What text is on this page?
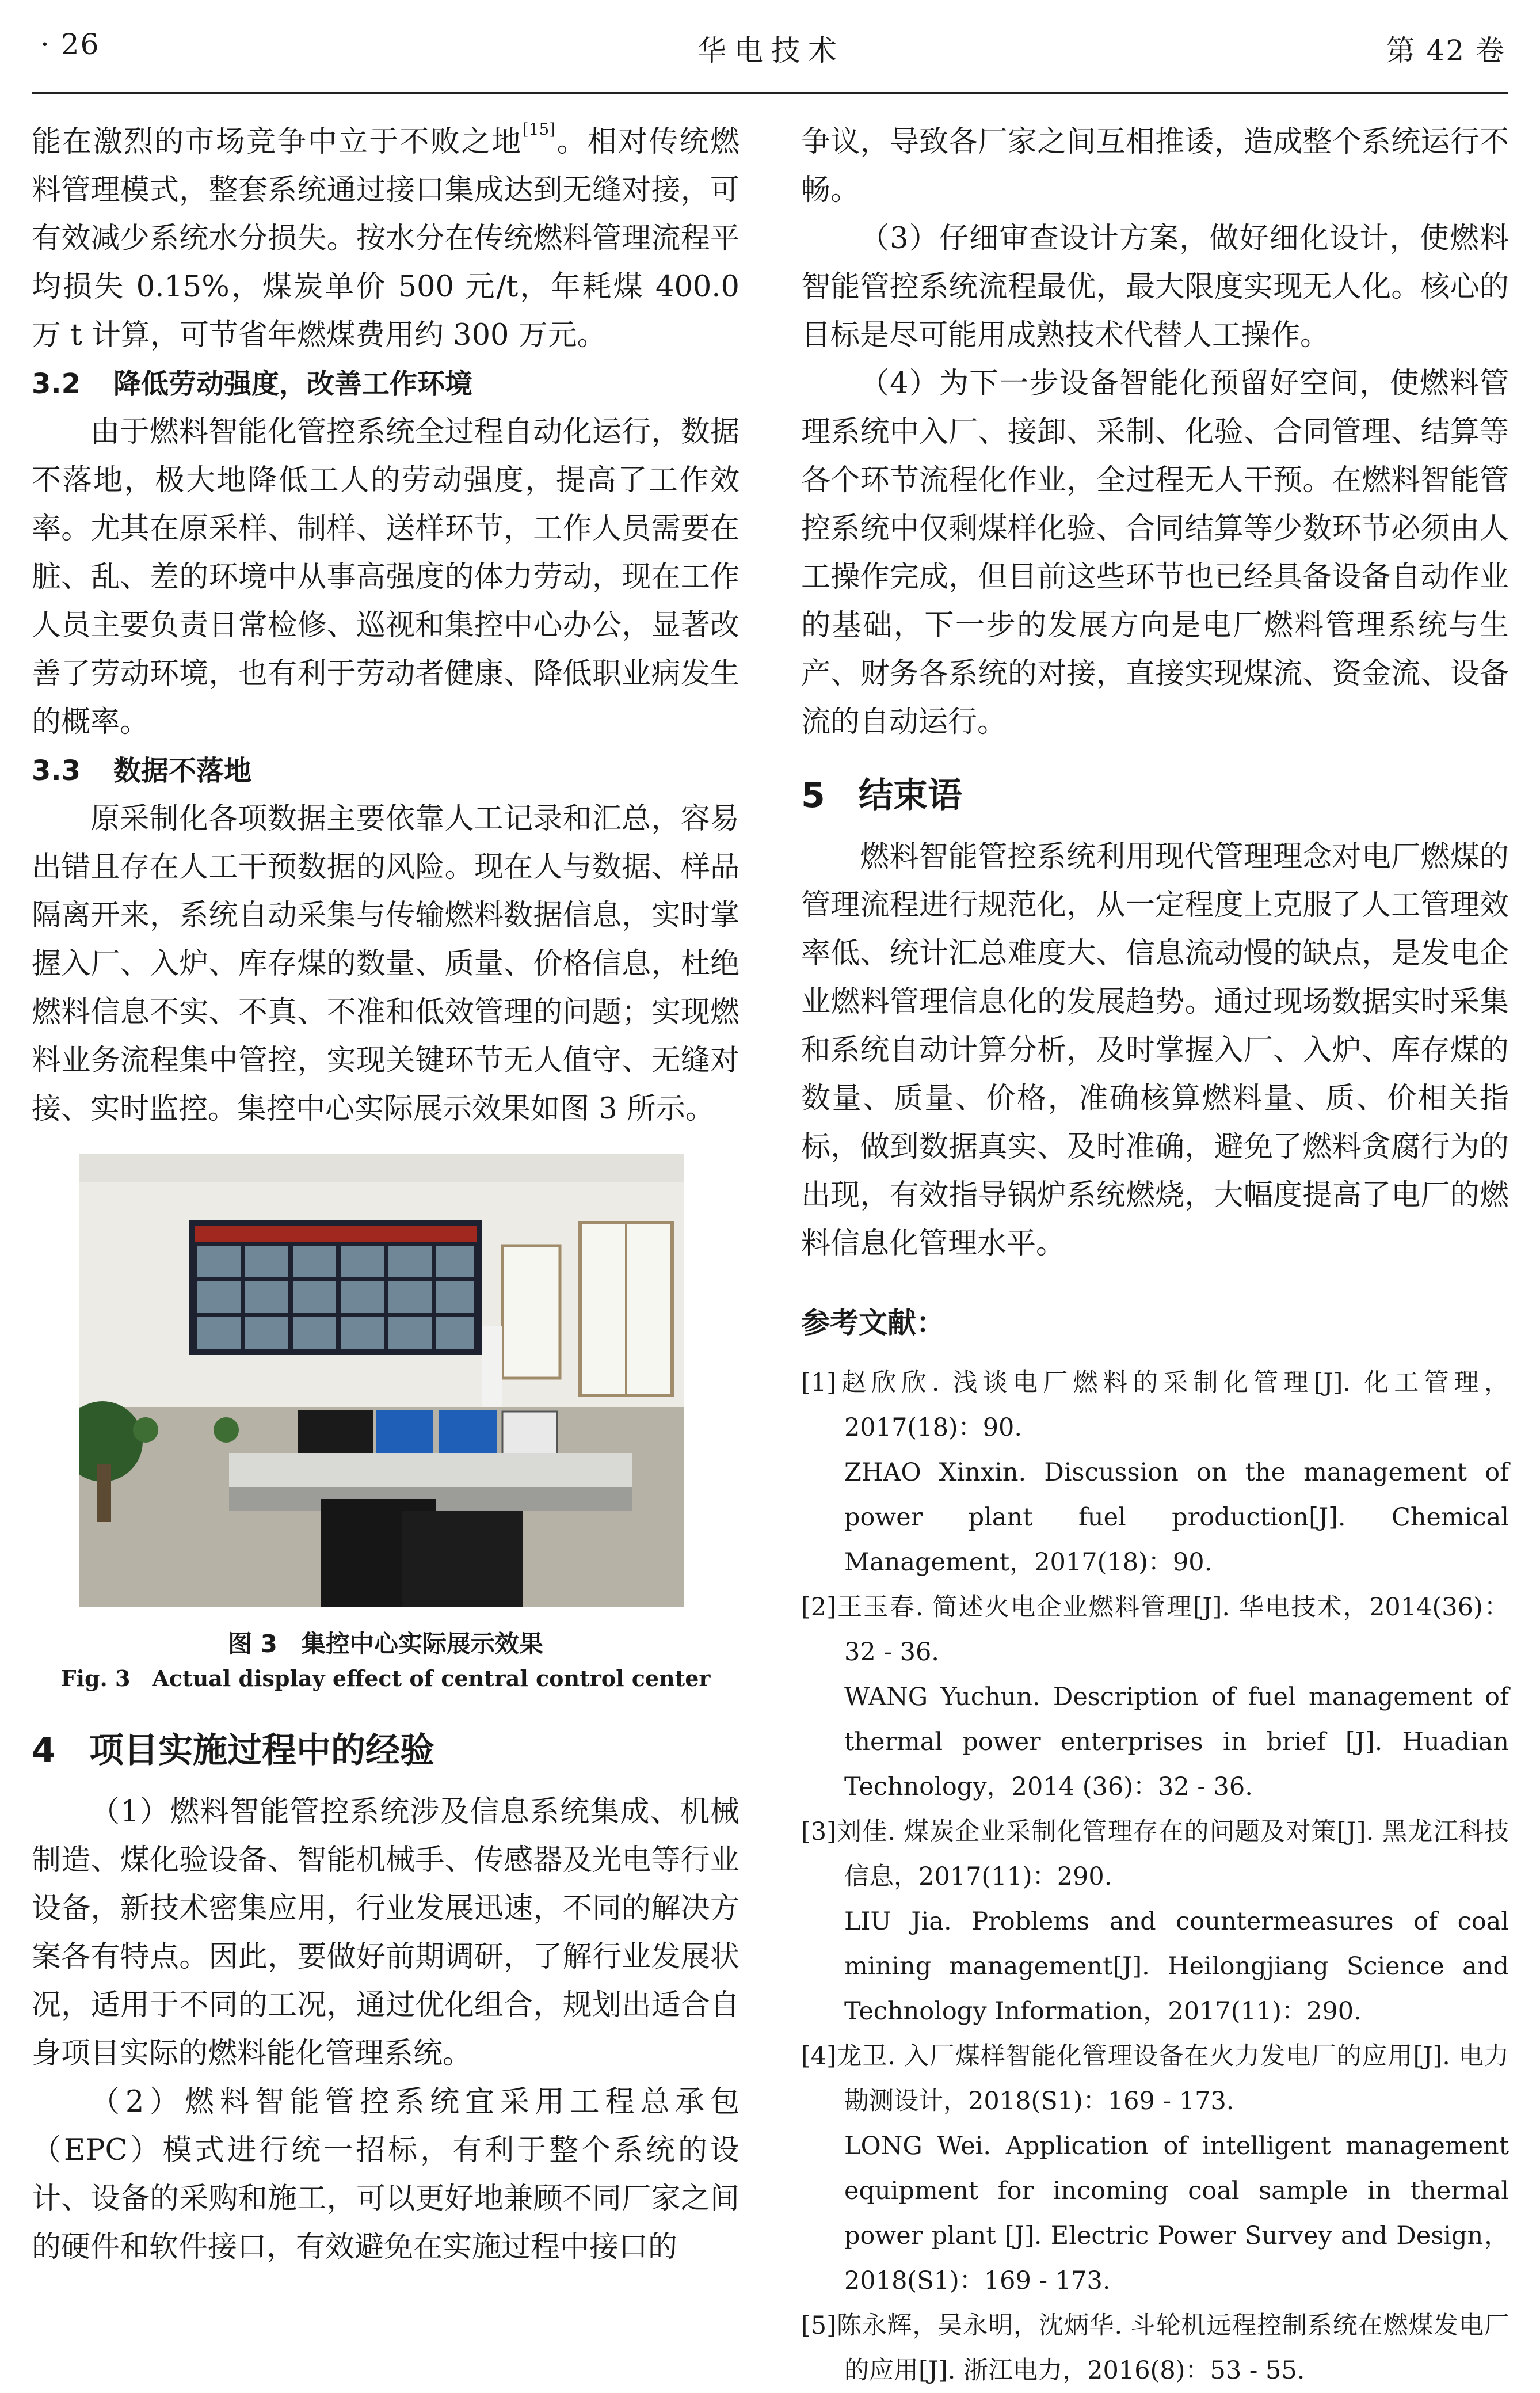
· 26	华电技术	第 42 卷

能在激烈的市场竞争中立于不败之地[15]。相对传统燃料管理模式，整套系统通过接口集成达到无缝对接，可有效减少系统水分损失。按水分在传统燃料管理流程平均损失 0.15%，煤炭单价 500 元/t，年耗煤 400.0 万 t 计算，可节省年燃煤费用约 300 万元。

3.2 降低劳动强度，改善工作环境

由于燃料智能化管控系统全过程自动化运行，数据不落地，极大地降低工人的劳动强度，提高了工作效率。尤其在原采样、制样、送样环节，工作人员需要在脏、乱、差的环境中从事高强度的体力劳动，现在工作人员主要负责日常检修、巡视和集控中心办公，显著改善了劳动环境，也有利于劳动者健康、降低职业病发生的概率。

3.3 数据不落地

原采制化各项数据主要依靠人工记录和汇总，容易出错且存在人工干预数据的风险。现在人与数据、样品隔离开来，系统自动采集与传输燃料数据信息，实时掌握入厂、入炉、库存煤的数量、质量、价格信息，杜绝燃料信息不实、不真、不准和低效管理的问题；实现燃料业务流程集中管控，实现关键环节无人值守、无缝对接、实时监控。集控中心实际展示效果如图 3 所示。

图 3　集控中心实际展示效果
Fig. 3　Actual display effect of central control center
4 项目实施过程中的经验

（1）燃料智能管控系统涉及信息系统集成、机械制造、煤化验设备、智能机械手、传感器及光电等行业设备，新技术密集应用，行业发展迅速，不同的解决方案各有特点。因此，要做好前期调研，了解行业发展状况，适用于不同的工况，通过优化组合，规划出适合自身项目实际的燃料能化管理系统。

（2）燃料智能管控系统宜采用工程总承包（EPC）模式进行统一招标，有利于整个系统的设计、设备的采购和施工，可以更好地兼顾不同厂家之间的硬件和软件接口，有效避免在实施过程中接口的

争议，导致各厂家之间互相推诿，造成整个系统运行不畅。

（3）仔细审查设计方案，做好细化设计，使燃料智能管控系统流程最优，最大限度实现无人化。核心的目标是尽可能用成熟技术代替人工操作。

（4）为下一步设备智能化预留好空间，使燃料管理系统中入厂、接卸、采制、化验、合同管理、结算等各个环节流程化作业，全过程无人干预。在燃料智能管控系统中仅剩煤样化验、合同结算等少数环节必须由人工操作完成，但目前这些环节也已经具备设备自动作业的基础，下一步的发展方向是电厂燃料管理系统与生产、财务各系统的对接，直接实现煤流、资金流、设备流的自动运行。

5 结束语

燃料智能管控系统利用现代管理理念对电厂燃煤的管理流程进行规范化，从一定程度上克服了人工管理效率低、统计汇总难度大、信息流动慢的缺点，是发电企业燃料管理信息化的发展趋势。通过现场数据实时采集和系统自动计算分析，及时掌握入厂、入炉、库存煤的数量、质量、价格，准确核算燃料量、质、价相关指标，做到数据真实、及时准确，避免了燃料贪腐行为的出现，有效指导锅炉系统燃烧，大幅度提高了电厂的燃料信息化管理水平。

参考文献：
[1]赵欣欣. 浅谈电厂燃料的采制化管理[J]. 化工管理，2017(18)：90.
ZHAO Xinxin. Discussion on the management of power plant fuel production[J]. Chemical Management，2017(18)：90.
[2]王玉春. 简述火电企业燃料管理[J]. 华电技术，2014(36)：32 - 36.
WANG Yuchun. Description of fuel management of thermal power enterprises in brief [J]. Huadian Technology，2014 (36)：32 - 36.
[3]刘佳. 煤炭企业采制化管理存在的问题及对策[J]. 黑龙江科技信息，2017(11)：290.
LIU Jia. Problems and countermeasures of coal mining management[J]. Heilongjiang Science and Technology Information，2017(11)：290.
[4]龙卫. 入厂煤样智能化管理设备在火力发电厂的应用[J]. 电力勘测设计，2018(S1)：169 - 173.
LONG Wei. Application of intelligent management equipment for incoming coal sample in thermal power plant [J]. Electric Power Survey and Design，2018(S1)：169 - 173.
[5]陈永辉，吴永明，沈炳华. 斗轮机远程控制系统在燃煤发电厂的应用[J]. 浙江电力，2016(8)：53 - 55.
